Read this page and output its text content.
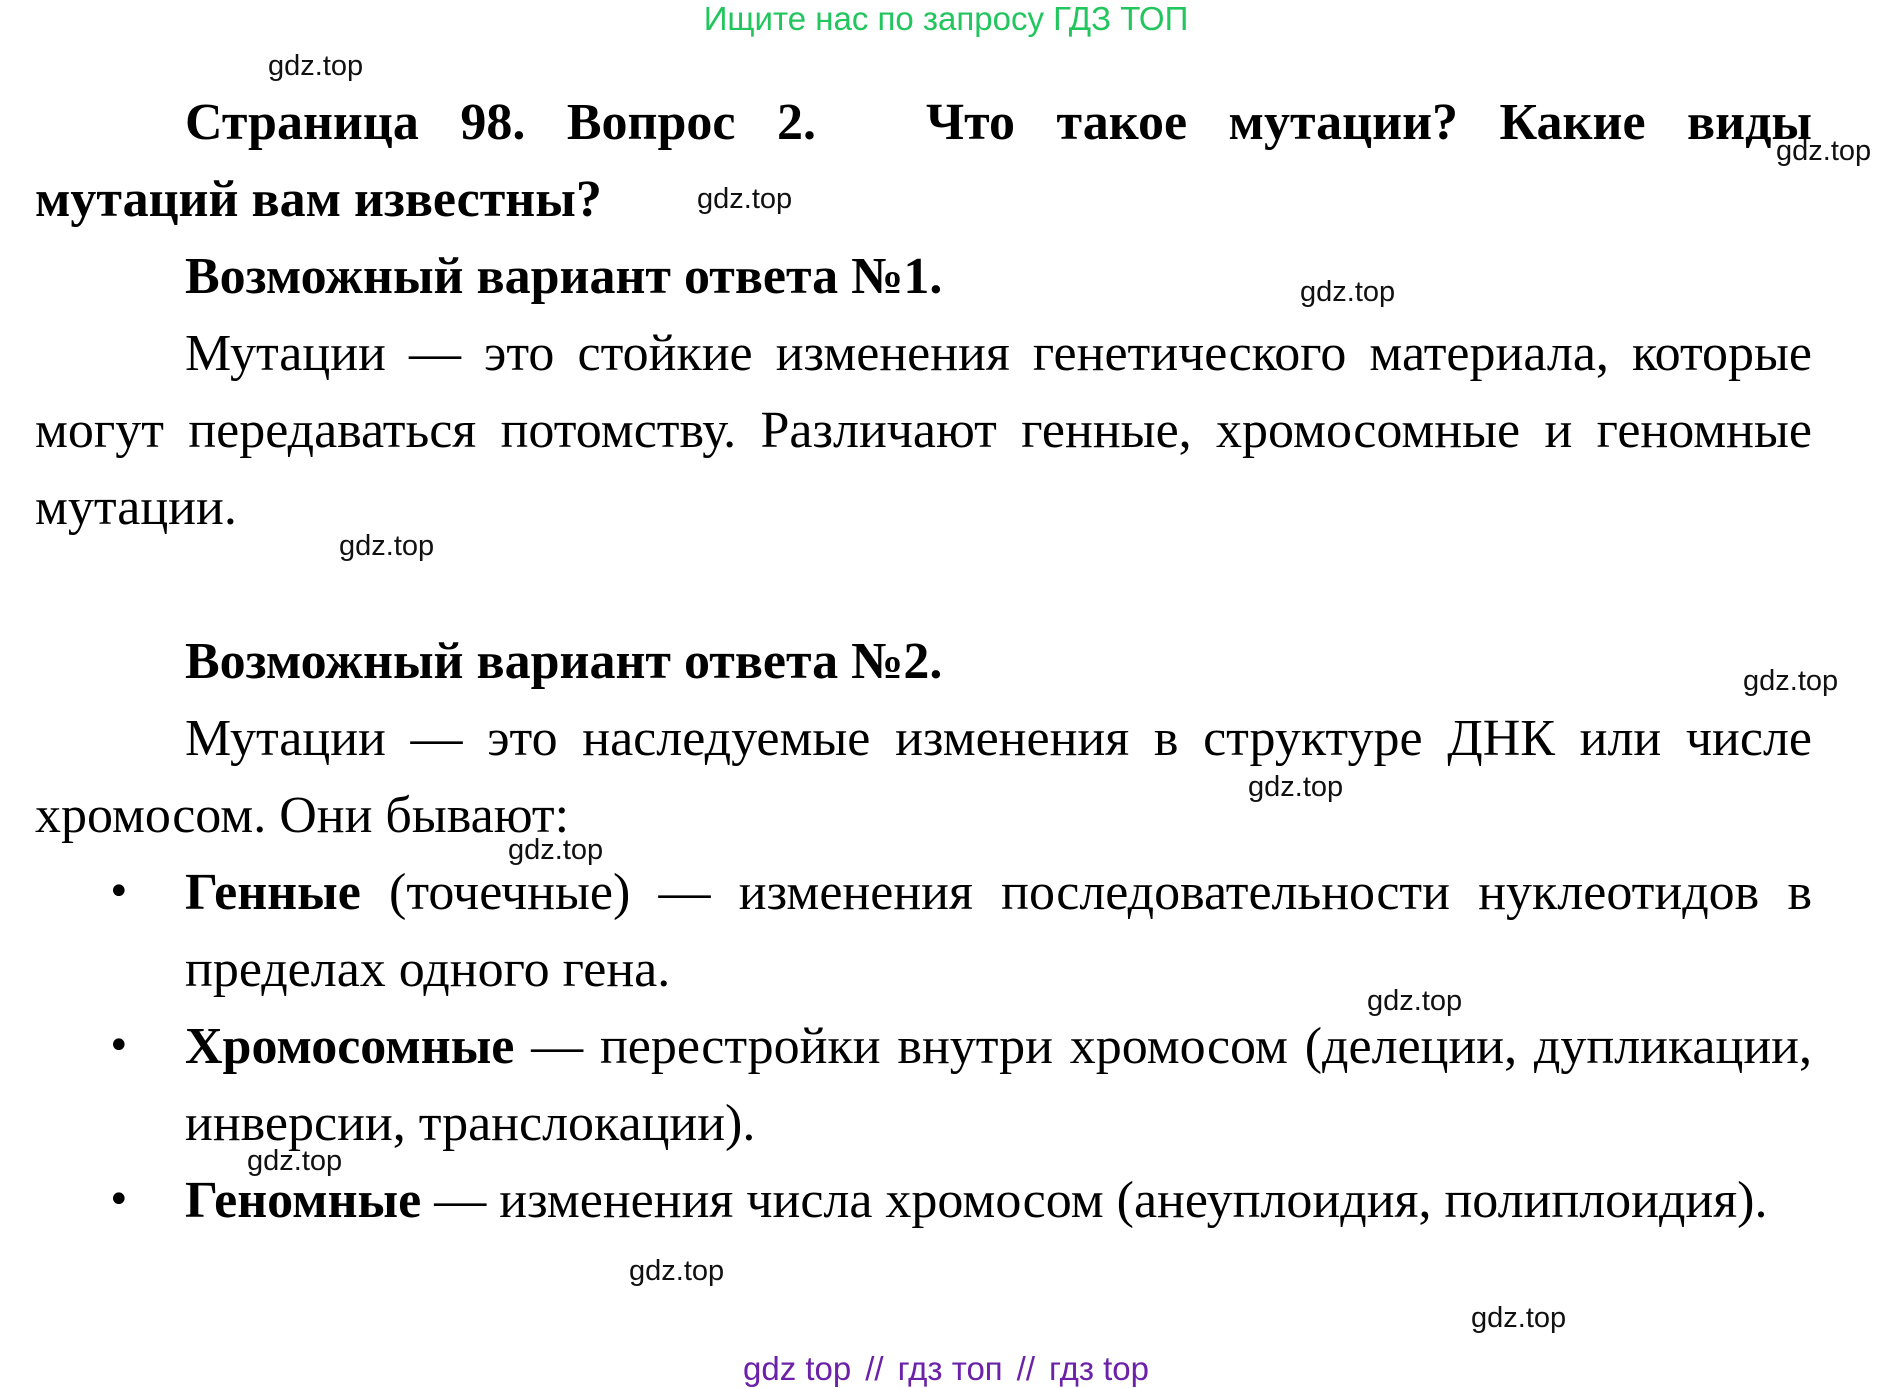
Ищите нас по запросу ГДЗ ТОП

Страница 98. Вопрос 2. Что такое мутации? Какие виды мутаций вам известны?

Возможный вариант ответа №1.

Мутации — это стойкие изменения генетического материала, которые могут передаваться потомству. Различают генные, хромосомные и геномные мутации.

Возможный вариант ответа №2.

Мутации — это наследуемые изменения в структуре ДНК или числе хромосом. Они бывают:

• Генные (точечные) — изменения последовательности нуклеотидов в пределах одного гена.
• Хромосомные — перестройки внутри хромосом (делеции, дупликации, инверсии, транслокации).
• Геномные — изменения числа хромосом (анеуплоидия, полиплоидия).
gdz.top
gdz.top
gdz.top
gdz.top
gdz.top
gdz.top
gdz.top
gdz.top
gdz.top
gdz.top
gdz.top
gdz.top
gdz top // гдз топ // гдз top
